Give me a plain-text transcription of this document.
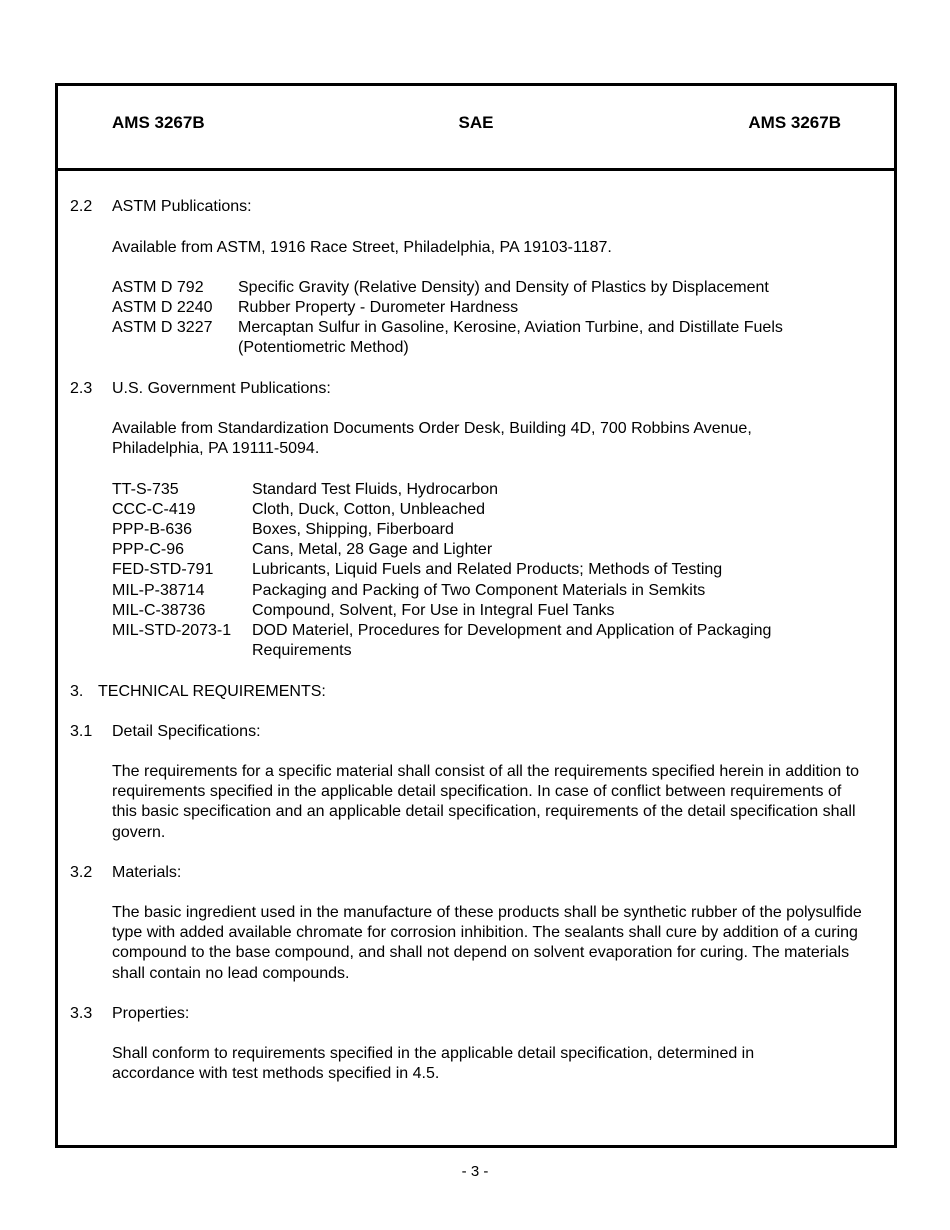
AMS 3267B	SAE	AMS 3267B
2.2 ASTM Publications:
Available from ASTM, 1916 Race Street, Philadelphia, PA 19103-1187.
ASTM D 792 Specific Gravity (Relative Density) and Density of Plastics by Displacement
ASTM D 2240 Rubber Property - Durometer Hardness
ASTM D 3227 Mercaptan Sulfur in Gasoline, Kerosine, Aviation Turbine, and Distillate Fuels (Potentiometric Method)
2.3 U.S. Government Publications:
Available from Standardization Documents Order Desk, Building 4D, 700 Robbins Avenue, Philadelphia, PA 19111-5094.
TT-S-735	Standard Test Fluids, Hydrocarbon
CCC-C-419	Cloth, Duck, Cotton, Unbleached
PPP-B-636	Boxes, Shipping, Fiberboard
PPP-C-96	Cans, Metal, 28 Gage and Lighter
FED-STD-791 Lubricants, Liquid Fuels and Related Products; Methods of Testing
MIL-P-38714	Packaging and Packing of Two Component Materials in Semkits
MIL-C-38736	Compound, Solvent, For Use in Integral Fuel Tanks
MIL-STD-2073-1 DOD Materiel, Procedures for Development and Application of Packaging Requirements
3. TECHNICAL REQUIREMENTS:
3.1 Detail Specifications:
The requirements for a specific material shall consist of all the requirements specified herein in addition to requirements specified in the applicable detail specification. In case of conflict between requirements of this basic specification and an applicable detail specification, requirements of the detail specification shall govern.
3.2 Materials:
The basic ingredient used in the manufacture of these products shall be synthetic rubber of the polysulfide type with added available chromate for corrosion inhibition. The sealants shall cure by addition of a curing compound to the base compound, and shall not depend on solvent evaporation for curing. The materials shall contain no lead compounds.
3.3 Properties:
Shall conform to requirements specified in the applicable detail specification, determined in accordance with test methods specified in 4.5.
- 3 -
